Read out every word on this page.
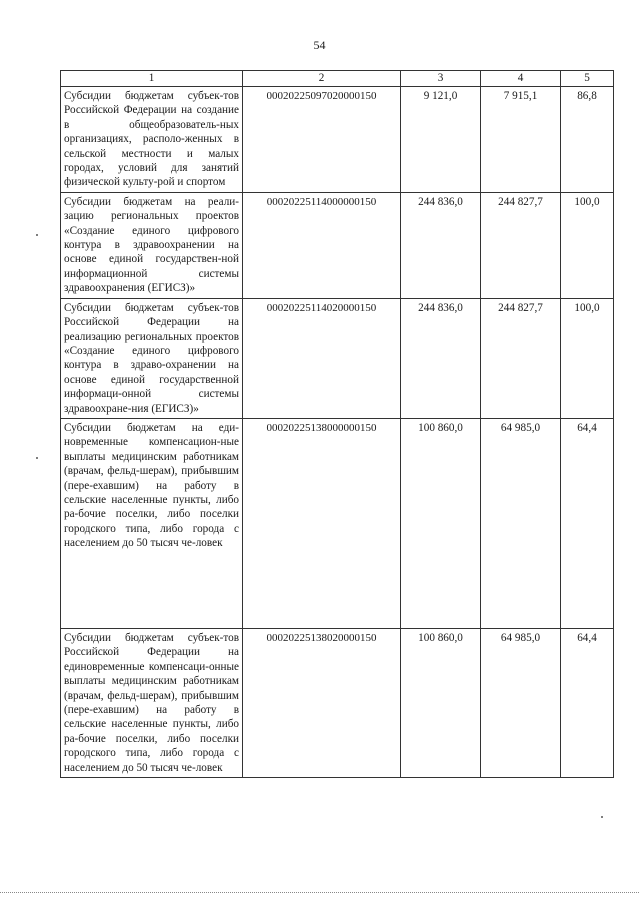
54
1	2	3	4	5
Субсидии бюджетам субъек-тов Российской Федерации на создание в общеобразователь-ных организациях, располо-женных в сельской местности и малых городах, условий для занятий физической культу-рой и спортом	00020225097020000150	9 121,0	7 915,1	86,8
Субсидии бюджетам на реали-зацию региональных проектов «Создание единого цифрового контура в здравоохранении на основе единой государствен-ной информационной системы здравоохранения (ЕГИСЗ)»	00020225114000000150	244 836,0	244 827,7	100,0
Субсидии бюджетам субъек-тов Российской Федерации на реализацию региональных проектов «Создание единого цифрового контура в здраво-охранении на основе единой государственной информаци-онной системы здравоохране-ния (ЕГИСЗ)»	00020225114020000150	244 836,0	244 827,7	100,0
Субсидии бюджетам на еди-новременные компенсацион-ные выплаты медицинским работникам (врачам, фельд-шерам), прибывшим (пере-ехавшим) на работу в сельские населенные пункты, либо ра-бочие поселки, либо поселки городского типа, либо города с населением до 50 тысяч че-ловек	00020225138000000150	100 860,0	64 985,0	64,4
Субсидии бюджетам субъек-тов Российской Федерации на единовременные компенсаци-онные выплаты медицинским работникам (врачам, фельд-шерам), прибывшим (пере-ехавшим) на работу в сельские населенные пункты, либо ра-бочие поселки, либо поселки городского типа, либо города с населением до 50 тысяч че-ловек	00020225138020000150	100 860,0	64 985,0	64,4
